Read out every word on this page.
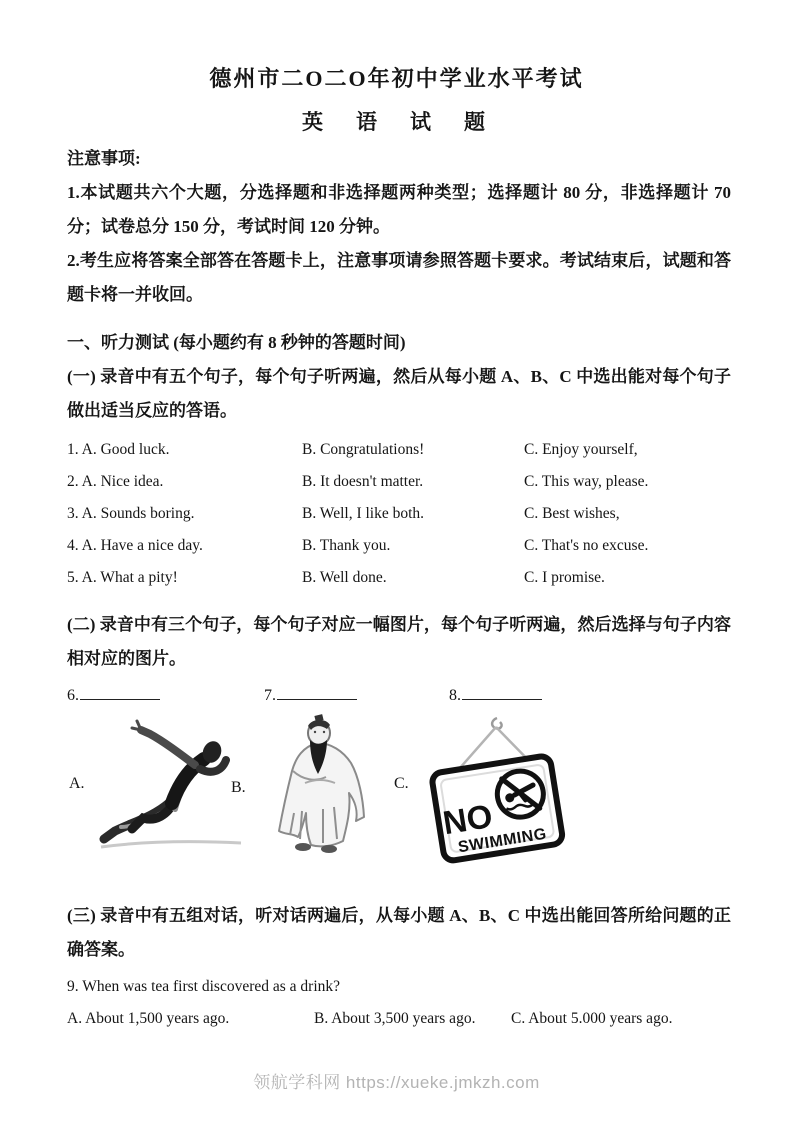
德州市二O二O年初中学业水平考试
英　语　试　题

注意事项:

1.本试题共六个大题，分选择题和非选择题两种类型；选择题计 80 分，非选择题计 70 分；试卷总分 150 分，考试时间 120 分钟。

2.考生应将答案全部答在答题卡上，注意事项请参照答题卡要求。考试结束后，试题和答题卡将一并收回。

一、听力测试 (每小题约有 8 秒钟的答题时间)

(一) 录音中有五个句子，每个句子听两遍，然后从每小题 A、B、C 中选出能对每个句子做出适当反应的答语。

1. A. Good luck.	B. Congratulations!	C. Enjoy yourself,
2. A. Nice idea.	B. It doesn't matter.	C. This way, please.
3. A. Sounds boring.	B. Well, I like both.	C. Best wishes,
4. A. Have a nice day.	B. Thank you.	C. That's no excuse.
5. A. What a pity!	B. Well done.	C. I promise.

(二) 录音中有三个句子，每个句子对应一幅图片，每个句子听两遍，然后选择与句子内容相对应的图片。

6.	7.	8.
A.	B.	C.
NO
SWIMMING

(三) 录音中有五组对话，听对话两遍后，从每小题 A、B、C 中选出能回答所给问题的正确答案。

9. When was tea first discovered as a drink?

A. About 1,500 years ago.	B. About 3,500 years ago.	C. About 5.000 years ago.
领航学科网 https://xueke.jmkzh.com
